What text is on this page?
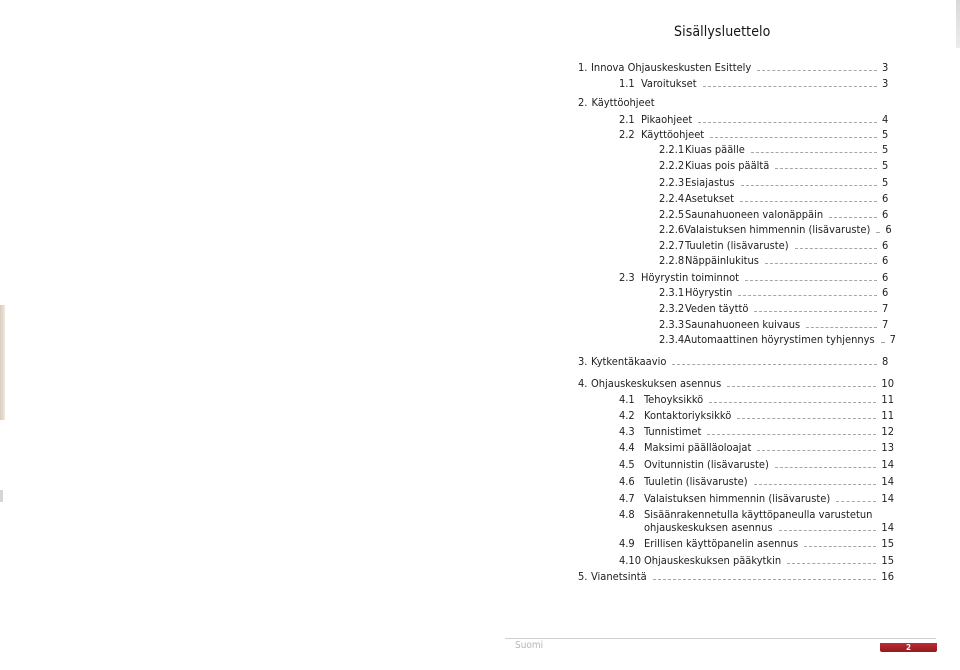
Sisällysluettelo
1. Innova Ohjauskeskusten Esittely	3
1.1 Varoitukset	3
2. Käyttöohjeet
2.1 Pikaohjeet	4
2.2 Käyttöohjeet	5
2.2.1 Kiuas päälle	5
2.2.2 Kiuas pois päältä	5
2.2.3 Esiajastus	5
2.2.4 Asetukset	6
2.2.5 Saunahuoneen valonäppäin	6
2.2.6 Valaistuksen himmennin (lisävaruste) 6
2.2.7 Tuuletin (lisävaruste)	6
2.2.8 Näppäinlukitus	6
2.3 Höyrystin toiminnot	6
2.3.1 Höyrystin	6
2.3.2 Veden täyttö	7
2.3.3 Saunahuoneen kuivaus	7
2.3.4 Automaattinen höyrystimen tyhjennys 7
3. Kytkentäkaavio	8
4. Ohjauskeskuksen asennus	10
4.1 Tehoyksikkö	11
4.2 Kontaktoriyksikkö	11
4.3 Tunnistimet	12
4.4 Maksimi päälläoloajat	13
4.5 Ovitunnistin (lisävaruste)	14
4.6 Tuuletin (lisävaruste)	14
4.7 Valaistuksen himmennin (lisävaruste)	14
4.8 Sisäänrakennetulla käyttöpaneulla varustetun
ohjauskeskuksen asennus	14
4.9 Erillisen käyttöpanelin asennus	15
4.10 Ohjauskeskuksen pääkytkin	15
5. Vianetsintä	16
Suomi	2
